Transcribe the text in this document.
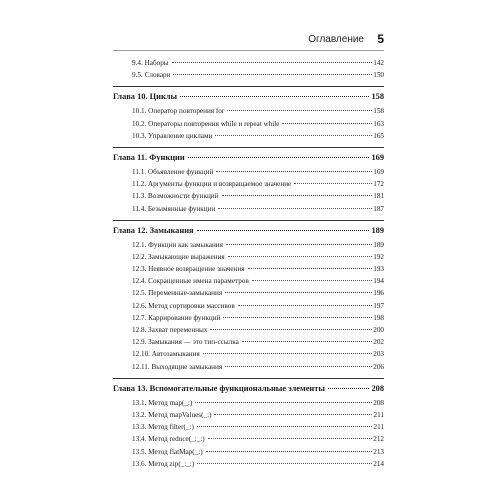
Оглавление 5
9.4. Наборы	142
9.5. Словари	150
Глава 10. Циклы	158
10.1. Оператор повторения for	158
10.2. Операторы повторения while и repeat while	163
10.3. Управление циклами	165
Глава 11. Функции	169
11.1. Объявление функций	169
11.2. Аргументы функции и возвращаемое значение	172
11.3. Возможности функций	181
11.4. Безымянные функции	187
Глава 12. Замыкания	189
12.1. Функции как замыкания	189
12.2. Замыкающие выражения	192
12.3. Неявное возвращение значения	193
12.4. Сокращенные имена параметров	194
12.5. Переменные-замыкания	196
12.6. Метод сортировки массивов	197
12.7. Каррирование функций	198
12.8. Захват переменных	200
12.9. Замыкания — это тип-ссылка	202
12.10. Автозамыкания	203
12.11. Выходящие замыкания	206
Глава 13. Вспомогательные функциональные элементы	208
13.1. Метод map(_:)	208
13.2. Метод mapValues(_:)	211
13.3. Метод filter(_:)	211
13.4. Метод reduce(_:_:)	212
13.5. Метод flatMap(_:)	213
13.6. Метод zip(_:_:)	214
